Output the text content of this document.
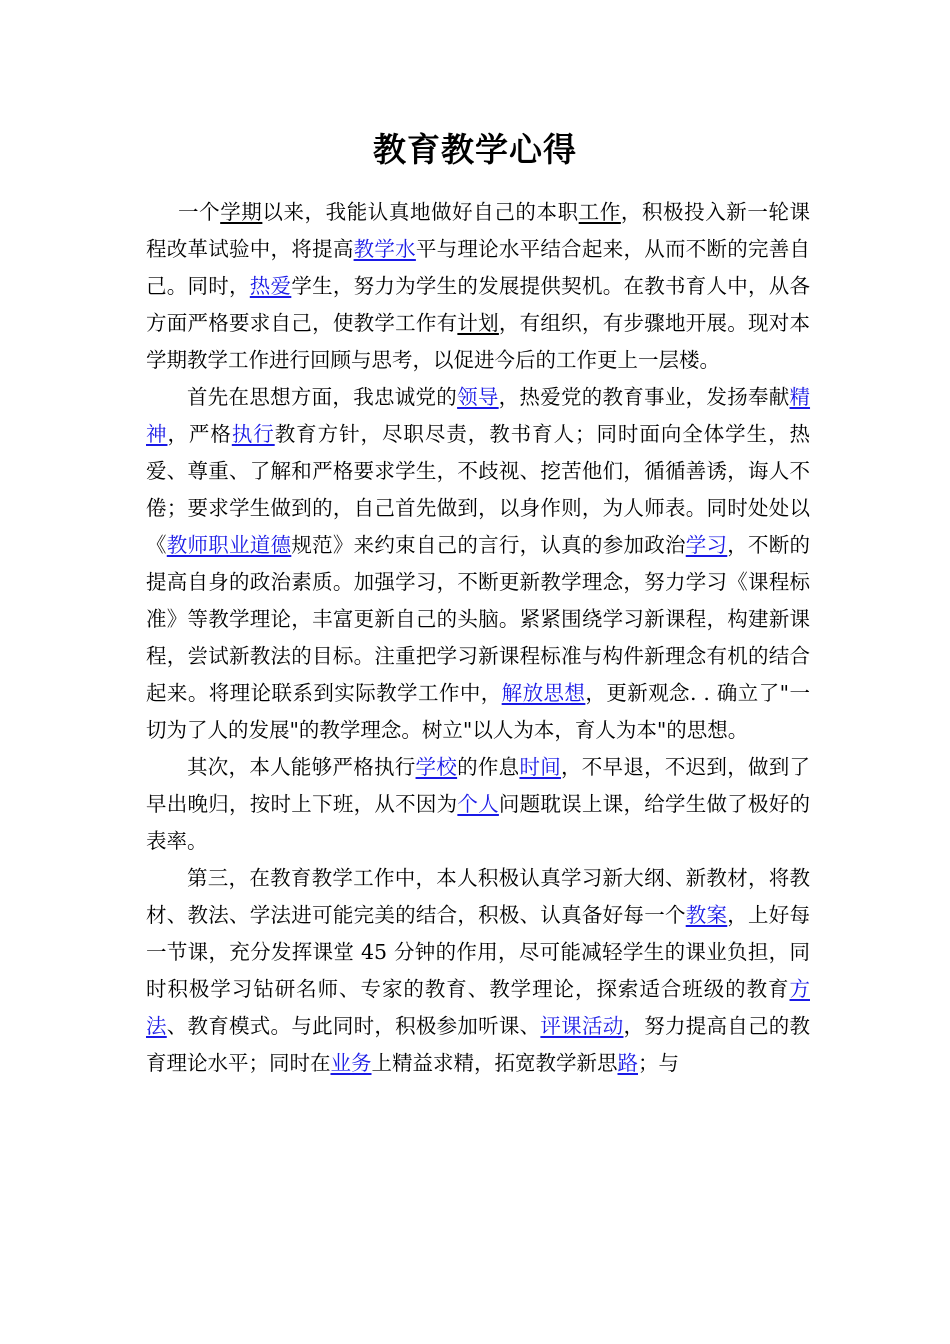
教育教学心得

一个学期以来，我能认真地做好自己的本职工作，积极投入新一轮课程改革试验中，将提高教学水平与理论水平结合起来，从而不断的完善自己。同时，热爱学生，努力为学生的发展提供契机。在教书育人中，从各方面严格要求自己，使教学工作有计划，有组织，有步骤地开展。现对本学期教学工作进行回顾与思考，以促进今后的工作更上一层楼。

首先在思想方面，我忠诚党的领导，热爱党的教育事业，发扬奉献精神，严格执行教育方针，尽职尽责，教书育人；同时面向全体学生，热爱、尊重、了解和严格要求学生，不歧视、挖苦他们，循循善诱，诲人不倦；要求学生做到的，自己首先做到，以身作则，为人师表。同时处处以《教师职业道德规范》来约束自己的言行，认真的参加政治学习，不断的提高自身的政治素质。加强学习，不断更新教学理念，努力学习《课程标准》等教学理论，丰富更新自己的头脑。紧紧围绕学习新课程，构建新课程，尝试新教法的目标。注重把学习新课程标准与构件新理念有机的结合起来。将理论联系到实际教学工作中，解放思想，更新观念. . 确立了"一切为了人的发展"的教学理念。树立"以人为本，育人为本"的思想。

其次，本人能够严格执行学校的作息时间，不早退，不迟到，做到了早出晚归，按时上下班，从不因为个人问题耽误上课，给学生做了极好的表率。

第三，在教育教学工作中，本人积极认真学习新大纲、新教材，将教材、教法、学法进可能完美的结合，积极、认真备好每一个教案，上好每一节课，充分发挥课堂 45 分钟的作用，尽可能减轻学生的课业负担，同时积极学习钻研名师、专家的教育、教学理论，探索适合班级的教育方法、教育模式。与此同时，积极参加听课、评课活动，努力提高自己的教育理论水平；同时在业务上精益求精，拓宽教学新思路；与
